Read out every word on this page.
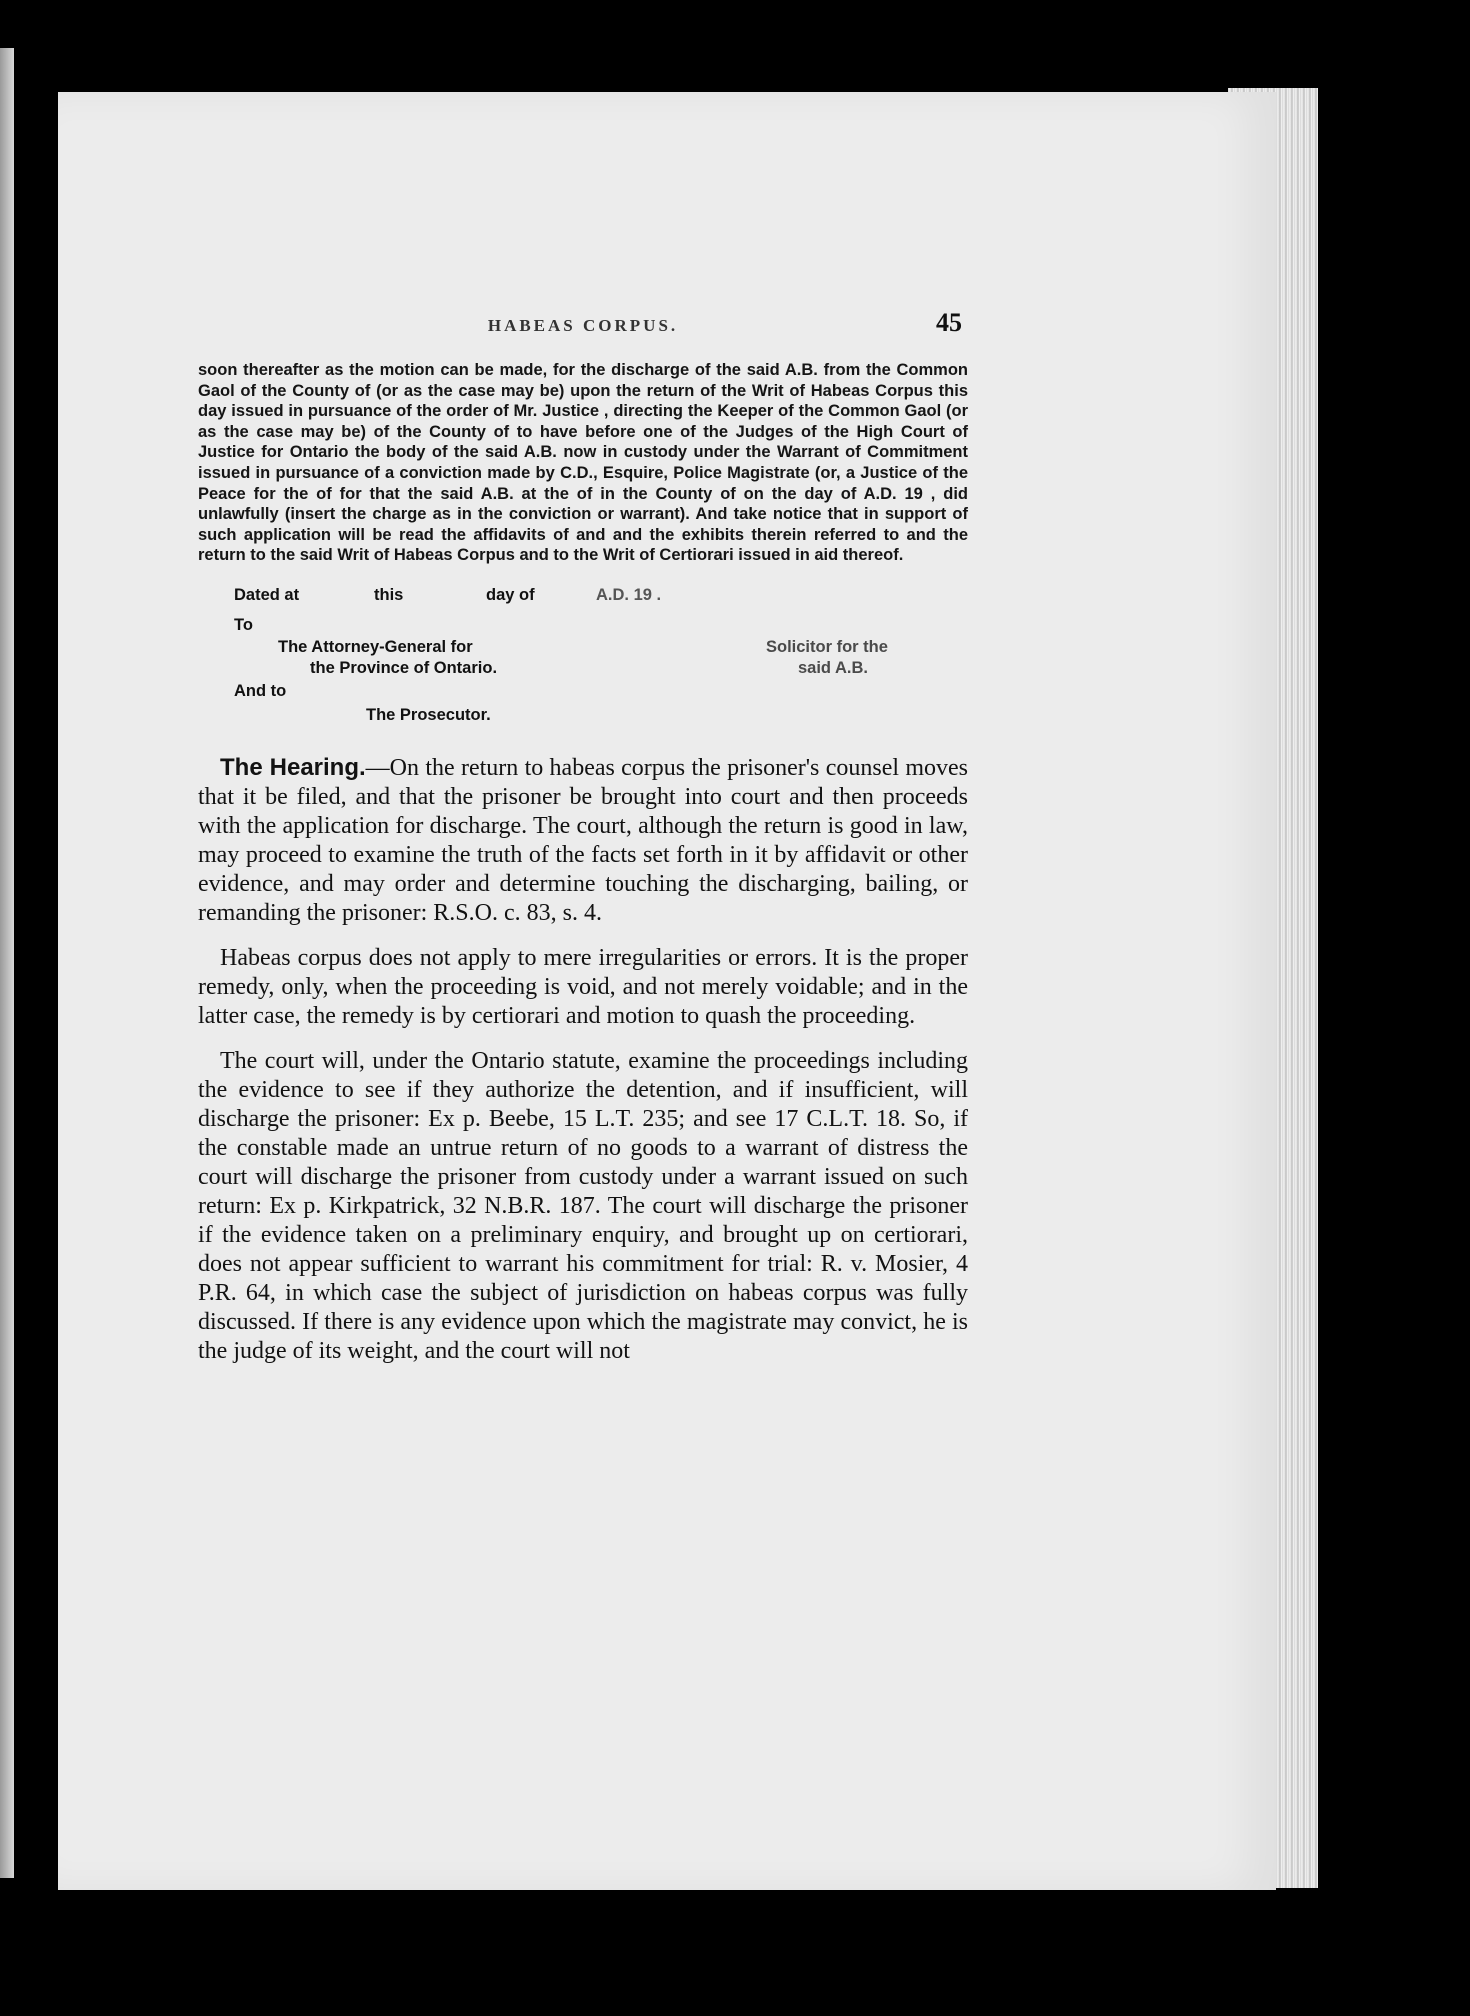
HABEAS CORPUS.	45

soon thereafter as the motion can be made, for the discharge of the said A.B. from the Common Gaol of the County of (or as the case may be) upon the return of the Writ of Habeas Corpus this day issued in pursuance of the order of Mr. Justice , directing the Keeper of the Common Gaol (or as the case may be) of the County of to have before one of the Judges of the High Court of Justice for Ontario the body of the said A.B. now in custody under the Warrant of Commitment issued in pursuance of a conviction made by C.D., Esquire, Police Magistrate (or, a Justice of the Peace for the of for that the said A.B. at the of in the County of on the day of A.D. 19 , did unlawfully (insert the charge as in the conviction or warrant). And take notice that in support of such application will be read the affidavits of and and the exhibits therein referred to and the return to the said Writ of Habeas Corpus and to the Writ of Certiorari issued in aid thereof.

Dated at	this	day of	A.D. 19 .
To
The Attorney-General for
the Province of Ontario.
And to
The Prosecutor.
Solicitor for the
said A.B.

The Hearing.—On the return to habeas corpus the prisoner's counsel moves that it be filed, and that the prisoner be brought into court and then proceeds with the application for discharge. The court, although the return is good in law, may proceed to examine the truth of the facts set forth in it by affidavit or other evidence, and may order and determine touching the discharging, bailing, or remanding the prisoner: R.S.O. c. 83, s. 4.

Habeas corpus does not apply to mere irregularities or errors. It is the proper remedy, only, when the proceeding is void, and not merely voidable; and in the latter case, the remedy is by certiorari and motion to quash the proceeding.

The court will, under the Ontario statute, examine the proceedings including the evidence to see if they authorize the detention, and if insufficient, will discharge the prisoner: Ex p. Beebe, 15 L.T. 235; and see 17 C.L.T. 18. So, if the constable made an untrue return of no goods to a warrant of distress the court will discharge the prisoner from custody under a warrant issued on such return: Ex p. Kirkpatrick, 32 N.B.R. 187. The court will discharge the prisoner if the evidence taken on a preliminary enquiry, and brought up on certiorari, does not appear sufficient to warrant his commitment for trial: R. v. Mosier, 4 P.R. 64, in which case the subject of jurisdiction on habeas corpus was fully discussed. If there is any evidence upon which the magistrate may convict, he is the judge of its weight, and the court will not
